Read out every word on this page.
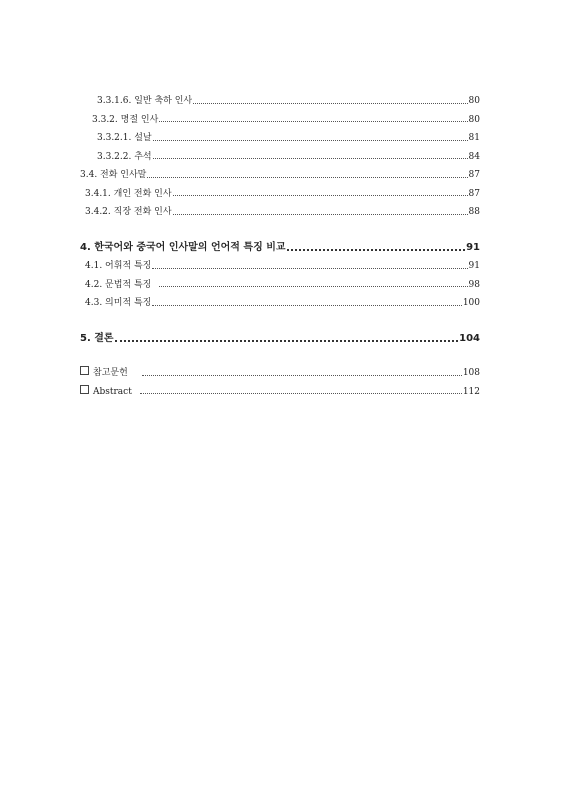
3.3.1.6. 일반 축하 인사	80
3.3.2. 명절 인사	80
3.3.2.1. 설날	81
3.3.2.2. 추석	84
3.4. 전화 인사말	87
3.4.1. 개인 전화 인사	87
3.4.2. 직장 전화 인사	88
4. 한국어와 중국어 인사말의 언어적 특징 비교	91
4.1. 어휘적 특징	91
4.2. 문법적 특징	98
4.3. 의미적 특징	100
5. 결론	104
참고문헌	108
Abstract	112
